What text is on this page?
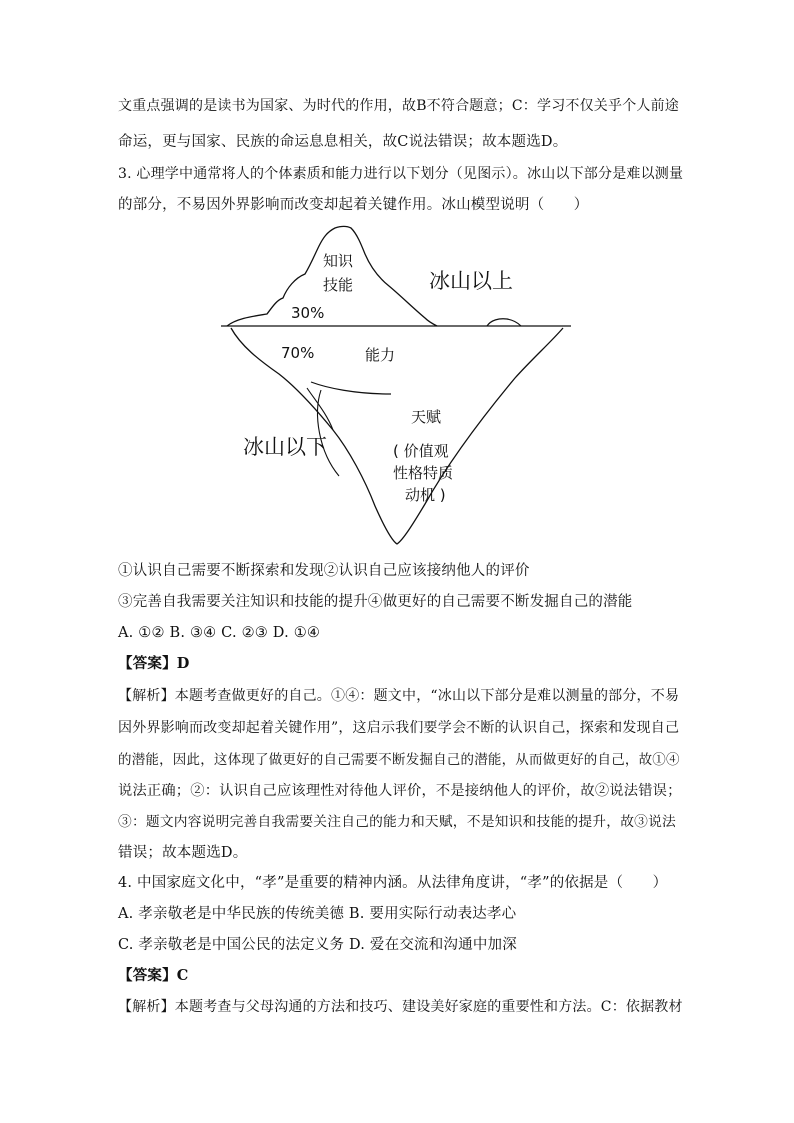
文重点强调的是读书为国家、为时代的作用，故B不符合题意；C：学习不仅关乎个人前途
命运，更与国家、民族的命运息息相关，故C说法错误；故本题选D。
3. 心理学中通常将人的个体素质和能力进行以下划分（见图示）。冰山以下部分是难以测量
的部分，不易因外界影响而改变却起着关键作用。冰山模型说明（　　）
知识
技能
30%
冰山以上
70%	能力
天赋
冰山以下	( 价值观
性格特质
动机 )
①认识自己需要不断探索和发现②认识自己应该接纳他人的评价
③完善自我需要关注知识和技能的提升④做更好的自己需要不断发掘自己的潜能
A. ①② B. ③④ C. ②③ D. ①④
【答案】D
【解析】本题考查做更好的自己。①④：题文中，“冰山以下部分是难以测量的部分，不易
因外界影响而改变却起着关键作用”，这启示我们要学会不断的认识自己，探索和发现自己
的潜能，因此，这体现了做更好的自己需要不断发掘自己的潜能，从而做更好的自己，故①④
说法正确；②：认识自己应该理性对待他人评价，不是接纳他人的评价，故②说法错误；
③：题文内容说明完善自我需要关注自己的能力和天赋，不是知识和技能的提升，故③说法
错误；故本题选D。
4. 中国家庭文化中，“孝”是重要的精神内涵。从法律角度讲，“孝”的依据是（　　）
A. 孝亲敬老是中华民族的传统美德 B. 要用实际行动表达孝心
C. 孝亲敬老是中国公民的法定义务 D. 爱在交流和沟通中加深
【答案】C
【解析】本题考查与父母沟通的方法和技巧、建设美好家庭的重要性和方法。C：依据教材
